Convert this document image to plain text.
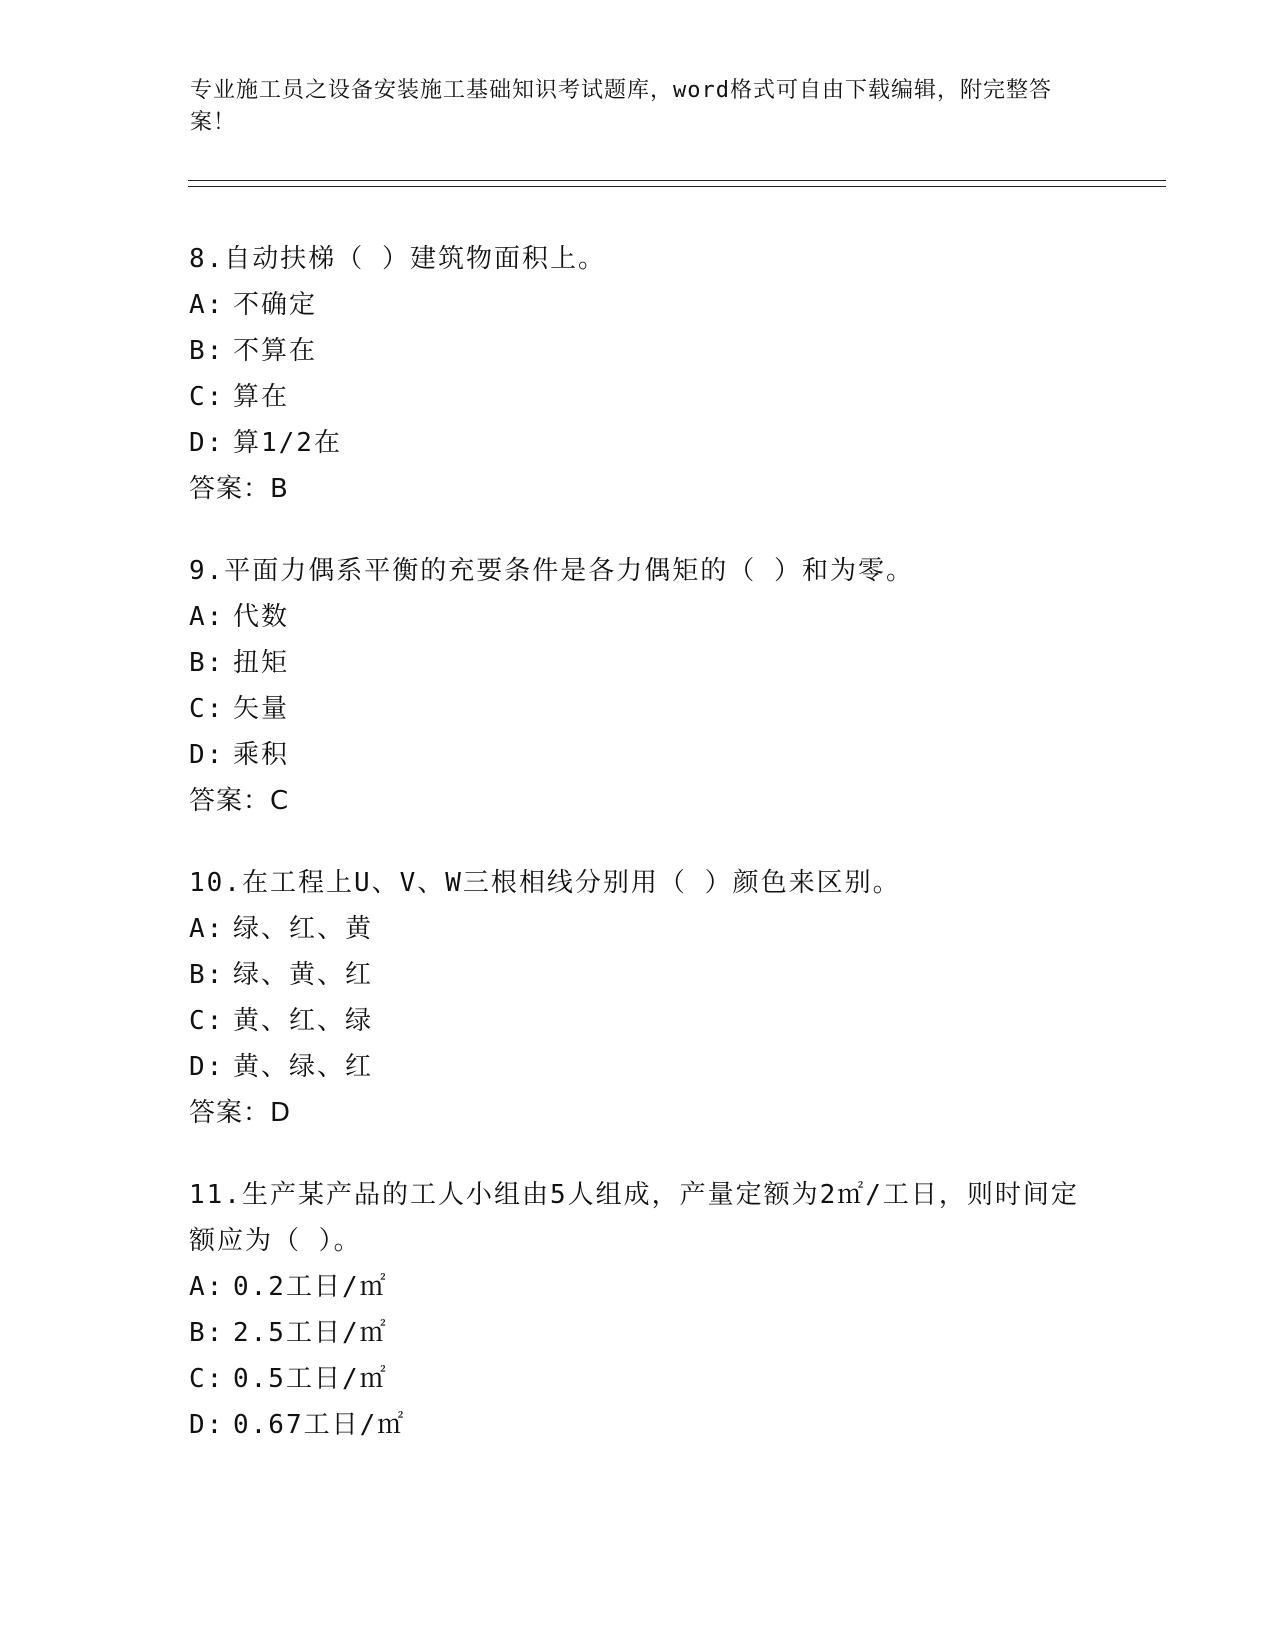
专业施工员之设备安装施工基础知识考试题库，word格式可自由下载编辑，附完整答案！

8.自动扶梯（ ）建筑物面积上。

A: 不确定

B: 不算在

C: 算在

D: 算1/2在

答案：B

9.平面力偶系平衡的充要条件是各力偶矩的（ ）和为零。

A: 代数

B: 扭矩

C: 矢量

D: 乘积

答案：C

10.在工程上U、V、W三根相线分别用（ ）颜色来区别。

A: 绿、红、黄

B: 绿、黄、红

C: 黄、红、绿

D: 黄、绿、红

答案：D

11.生产某产品的工人小组由5人组成，产量定额为2㎡/工日，则时间定额应为（ ）。

A: 0.2工日/㎡

B: 2.5工日/㎡

C: 0.5工日/㎡

D: 0.67工日/㎡
